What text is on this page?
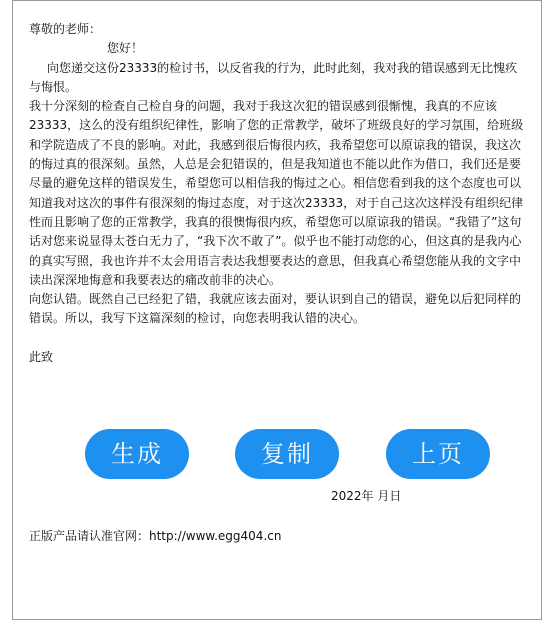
尊敬的老师：

您好！

向您递交这份23333的检讨书，以反省我的行为，此时此刻，我对我的错误感到无比愧疚与悔恨。

我十分深刻的检查自己检自身的问题，我对于我这次犯的错误感到很惭愧，我真的不应该23333，这么的没有组织纪律性，影响了您的正常教学，破坏了班级良好的学习氛围，给班级和学院造成了不良的影响。对此，我感到很后悔很内疚，我希望您可以原谅我的错误，我这次的悔过真的很深刻。虽然，人总是会犯错误的，但是我知道也不能以此作为借口，我们还是要尽量的避免这样的错误发生，希望您可以相信我的悔过之心。相信您看到我的这个态度也可以知道我对这次的事件有很深刻的悔过态度，对于这次23333，对于自己这次这样没有组织纪律性而且影响了您的正常教学，我真的很懊悔很内疚，希望您可以原谅我的错误。“我错了”这句话对您来说显得太苍白无力了，“我下次不敢了”。似乎也不能打动您的心，但这真的是我内心的真实写照，我也许并不太会用语言表达我想要表达的意思，但我真心希望您能从我的文字中读出深深地悔意和我要表达的痛改前非的决心。

向您认错。既然自己已经犯了错，我就应该去面对，要认识到自己的错误，避免以后犯同样的错误。所以，我写下这篇深刻的检讨，向您表明我认错的决心。

此致

生成	复制	上页
2022年 月日
正版产品请认准官网：http://www.egg404.cn
